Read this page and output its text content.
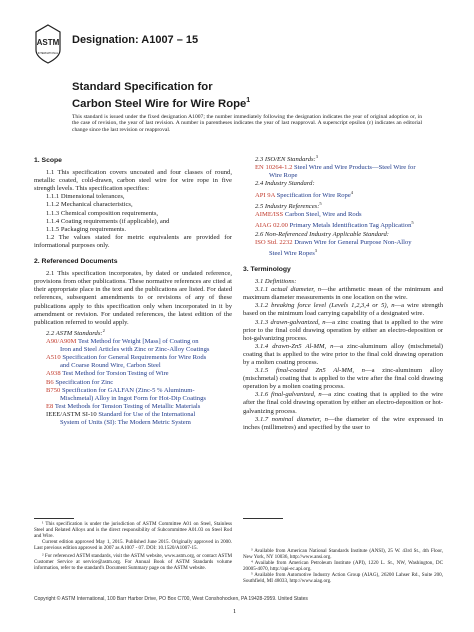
ASTM
INTERNATIONAL
Designation: A1007 – 15
Standard Specification for
Carbon Steel Wire for Wire Rope$^1$
This standard is issued under the fixed designation A1007; the number immediately following the designation indicates the year of original adoption or, in the case of revision, the year of last revision. A number in parentheses indicates the year of last reapproval. A superscript epsilon (ε) indicates an editorial change since the last revision or reapproval.

1. Scope

1.1 This specification covers uncoated and four classes of round, metallic coated, cold-drawn, carbon steel wire for wire rope in five strength levels. This specification specifies:

1.1.1 Dimensional tolerances,

1.1.2 Mechanical characteristics,

1.1.3 Chemical composition requirements,

1.1.4 Coating requirements (if applicable), and

1.1.5 Packaging requirements.

1.2 The values stated for metric equivalents are provided for informational purposes only.

2. Referenced Documents

2.1 This specification incorporates, by dated or undated reference, provisions from other publications. These normative references are cited at their appropriate place in the text and the publications are listed. For dated references, subsequent amendments to or revisions of any of these publications apply to this specification only when incorporated in it by amendment or revision. For undated references, the latest edition of the publication referred to would apply.

2.2 ASTM Standards:$^2$

A90/A90M Test Method for Weight [Mass] of Coating on
Iron and Steel Articles with Zinc or Zinc-Alloy Coatings

A510 Specification for General Requirements for Wire Rods
and Coarse Round Wire, Carbon Steel

A938 Test Method for Torsion Testing of Wire

B6 Specification for Zinc

B750 Specification for GALFAN (Zinc-5 % Aluminum-
Mischmetal) Alloy in Ingot Form for Hot-Dip Coatings

E8 Test Methods for Tension Testing of Metallic Materials

IEEE/ASTM SI-10 Standard for Use of the International
System of Units (SI): The Modern Metric System

2.3 ISO/EN Standards:$^3$

EN 10264-1.2 Steel Wire and Wire Products—Steel Wire for
Wire Rope

2.4 Industry Standard:

API 9A Specification for Wire Rope$^4$

2.5 Industry References:$^5$

AIME/ISS Carbon Steel, Wire and Rods

AIAG 02.00 Primary Metals Identification Tag Application$^5$

2.6 Non-Referenced Industry Applicable Standard:

ISO Std. 2232 Drawn Wire for General Purpose Non-Alloy
Steel Wire Ropes$^3$

3. Terminology

3.1 Definitions:

3.1.1 actual diameter, n—the arithmetic mean of the minimum and maximum diameter measurements in one location on the wire.

3.1.2 breaking force level (Levels 1,2,3,4 or 5), n—a wire strength based on the minimum load carrying capability of a designated wire.

3.1.3 drawn-galvanized, n—a zinc coating that is applied to the wire prior to the final cold drawing operation by either an electro-deposition or hot-galvanizing process.

3.1.4 drawn-Zn5 Al-MM, n—a zinc-aluminum alloy (mischmetal) coating that is applied to the wire prior to the final cold drawing operation by a molten coating process.

3.1.5 final-coated Zn5 Al-MM, n—a zinc-aluminum alloy (mischmetal) coating that is applied to the wire after the final cold drawing operation by a molten coating process.

3.1.6 final-galvanized, n—a zinc coating that is applied to the wire after the final cold drawing operation by either an electro-deposition or hot-galvanizing process.

3.1.7 nominal diameter, n—the diameter of the wire expressed in inches (millimetres) and specified by the user to

¹ This specification is under the jurisdiction of ASTM Committee A01 on Steel, Stainless Steel and Related Alloys and is the direct responsibility of Subcommittee A01.03 on Steel Rod and Wire.
Current edition approved May 1, 2015. Published June 2015. Originally approved in 2000. Last previous edition approved in 2007 as A1007 - 07. DOI: 10.1520/A1007-15.
² For referenced ASTM standards, visit the ASTM website, www.astm.org, or contact ASTM Customer Service at service@astm.org. For Annual Book of ASTM Standards volume information, refer to the standard's Document Summary page on the ASTM website.
³ Available from American National Standards Institute (ANSI), 25 W. 43rd St., 4th Floor, New York, NY 10036, http://www.ansi.org.
⁴ Available from American Petroleum Institute (API), 1220 L. St., NW, Washington, DC 20005-4070, http://api-ec.api.org.
⁵ Available from Automotive Industry Action Group (AIAG), 26200 Lahser Rd., Suite 200, Southfield, MI 48033, http://www.aiag.org.
Copyright © ASTM International, 100 Barr Harbor Drive, PO Box C700, West Conshohocken, PA 19428-2959. United States
1
